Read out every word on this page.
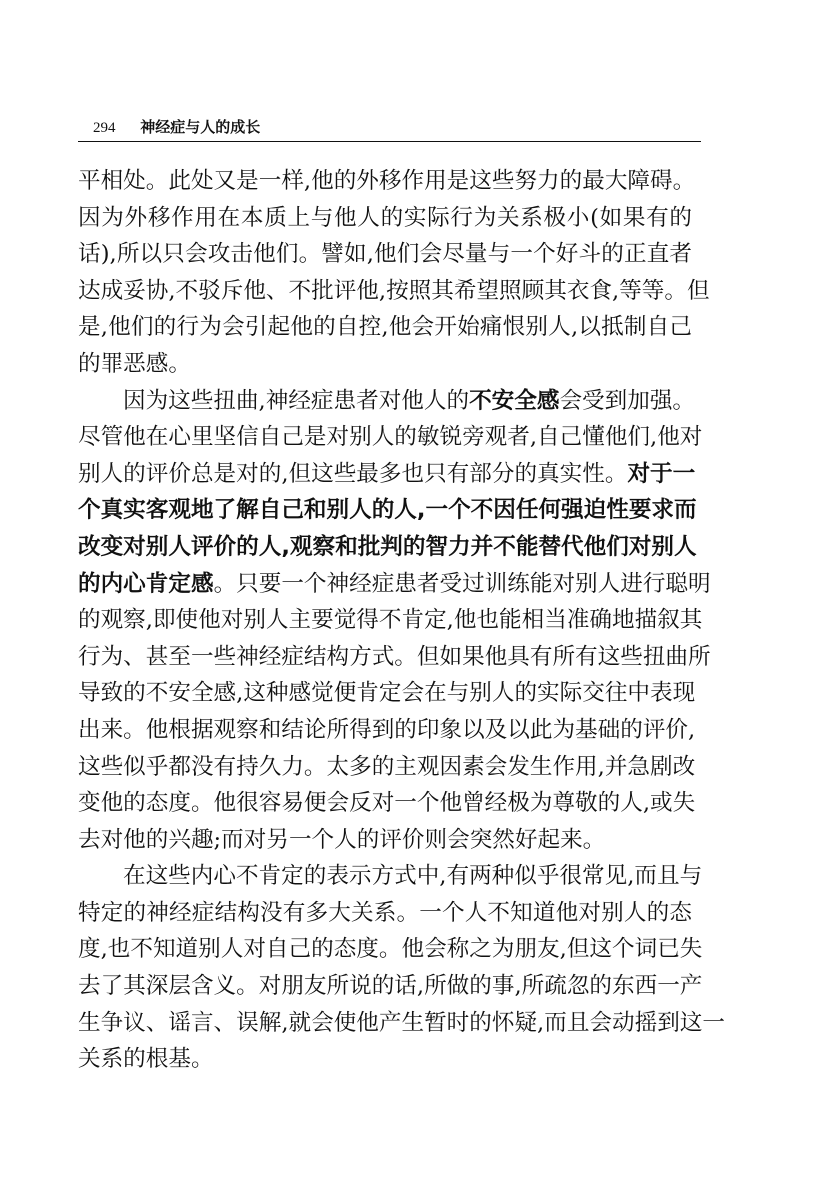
294 神经症与人的成长
平相处。此处又是一样,他的外移作用是这些努力的最大障碍。
因为外移作用在本质上与他人的实际行为关系极小(如果有的
话),所以只会攻击他们。譬如,他们会尽量与一个好斗的正直者
达成妥协,不驳斥他、不批评他,按照其希望照顾其衣食,等等。但
是,他们的行为会引起他的自控,他会开始痛恨别人,以抵制自己
的罪恶感。
因为这些扭曲,神经症患者对他人的不安全感会受到加强。
尽管他在心里坚信自己是对别人的敏锐旁观者,自己懂他们,他对
别人的评价总是对的,但这些最多也只有部分的真实性。对于一
个真实客观地了解自己和别人的人,一个不因任何强迫性要求而
改变对别人评价的人,观察和批判的智力并不能替代他们对别人
的内心肯定感。只要一个神经症患者受过训练能对别人进行聪明
的观察,即使他对别人主要觉得不肯定,他也能相当准确地描叙其
行为、甚至一些神经症结构方式。但如果他具有所有这些扭曲所
导致的不安全感,这种感觉便肯定会在与别人的实际交往中表现
出来。他根据观察和结论所得到的印象以及以此为基础的评价,
这些似乎都没有持久力。太多的主观因素会发生作用,并急剧改
变他的态度。他很容易便会反对一个他曾经极为尊敬的人,或失
去对他的兴趣;而对另一个人的评价则会突然好起来。
在这些内心不肯定的表示方式中,有两种似乎很常见,而且与
特定的神经症结构没有多大关系。一个人不知道他对别人的态
度,也不知道别人对自己的态度。他会称之为朋友,但这个词已失
去了其深层含义。对朋友所说的话,所做的事,所疏忽的东西一产
生争议、谣言、误解,就会使他产生暂时的怀疑,而且会动摇到这一
关系的根基。
